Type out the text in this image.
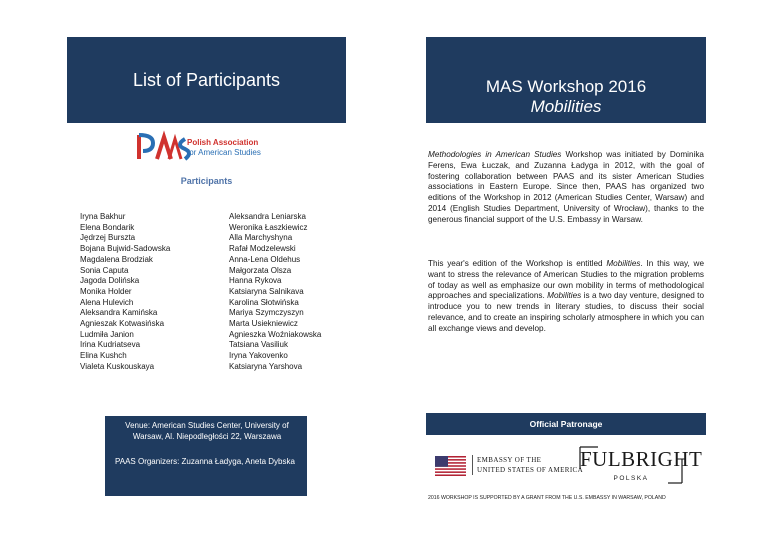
List of Participants
Polish Association
for American Studies
Participants
Iryna Bakhur
Elena Bondarik
Jędrzej Burszta
Bojana Bujwid-Sadowska
Magdalena Brodziak
Sonia Caputa
Jagoda Dolińska
Monika Holder
Alena Hulevich
Aleksandra Kamińska
Agnieszak Kotwasińska
Ludmiła Janion
Irina Kudriatseva
Elina Kushch
Vialeta Kuskouskaya
Aleksandra Leniarska
Weronika Łaszkiewicz
Alla Marchyshyna
Rafał Modzelewski
Anna-Lena Oldehus
Małgorzata Olsza
Hanna Rykova
Katsiaryna Salnikava
Karolina Słotwińska
Mariya Szymczyszyn
Marta Usiekniewicz
Agnieszka Woźniakowska
Tatsiana Vasiliuk
Iryna Yakovenko
Katsiaryna Yarshova
Venue: American Studies Center, University of Warsaw, Al. Niepodległości 22, Warszawa
PAAS Organizers: Zuzanna Ładyga, Aneta Dybska
MAS Workshop 2016
Mobilities

Methodologies in American Studies Workshop was initiated by Dominika Ferens, Ewa Łuczak, and Zuzanna Ładyga in 2012, with the goal of fostering collaboration between PAAS and its sister American Studies associations in Eastern Europe. Since then, PAAS has organized two editions of the Workshop in 2012 (American Studies Center, Warsaw) and 2014 (English Studies Department, University of Wrocław), thanks to the generous financial support of the U.S. Embassy in Warsaw.

This year's edition of the Workshop is entitled Mobilities. In this way, we want to stress the relevance of American Studies to the migration problems of today as well as emphasize our own mobility in terms of methodological approaches and specializations. Mobilities is a two day venture, designed to introduce you to new trends in literary studies, to discuss their social relevance, and to create an inspiring scholarly atmosphere in which you can all exchange views and develop.

Official Patronage
EMBASSY OF THE
UNITED STATES OF AMERICA
FULBRIGHT
POLSKA
2016 WORKSHOP IS SUPPORTED BY A GRANT FROM THE U.S. EMBASSY IN WARSAW, POLAND
